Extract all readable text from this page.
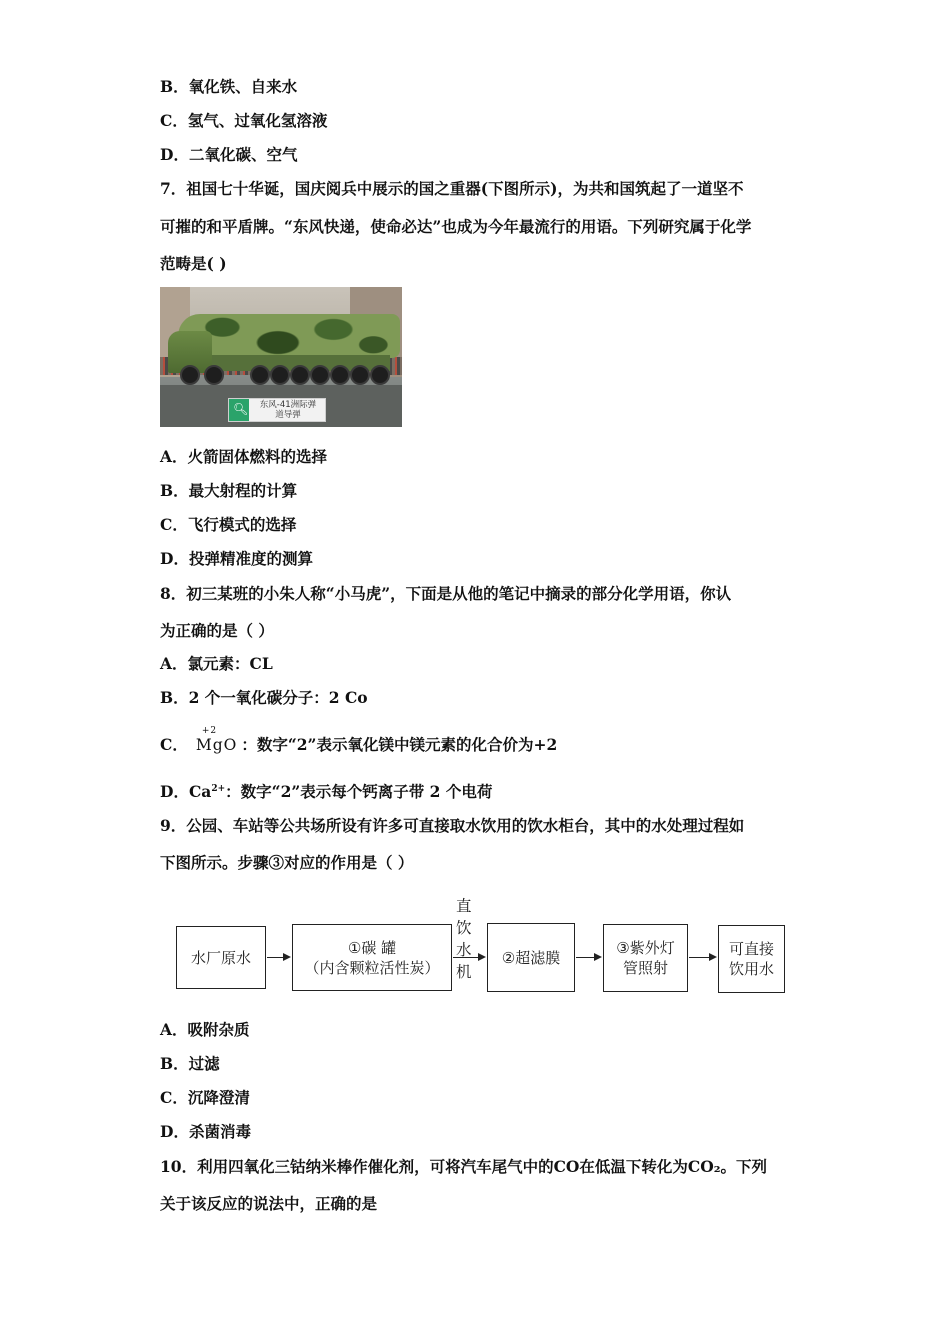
B．氧化铁、自来水
C．氢气、过氧化氢溶液
D．二氧化碳、空气
7．祖国七十华诞，国庆阅兵中展示的国之重器(下图所示)，为共和国筑起了一道坚不
可摧的和平盾牌。“东风快递，使命必达”也成为今年最流行的用语。下列研究属于化学
范畴是( )
🔍︎	东风-41洲际弹
道导弹
A．火箭固体燃料的选择
B．最大射程的计算
C．飞行模式的选择
D．投弹精准度的测算
8．初三某班的小朱人称“小马虎”，下面是从他的笔记中摘录的部分化学用语，你认
为正确的是（ ）
A．氯元素：CL
B．2 个一氧化碳分子：2 Co
C．
+2
MgO ：数字“2”表示氧化镁中镁元素的化合价为+2
D．$Ca^{2+}$：数字“2”表示每个钙离子带 2 个电荷
9．公园、车站等公共场所设有许多可直接取水饮用的饮水柜台，其中的水处理过程如
下图所示。步骤③对应的作用是（ ）
直饮水机
水厂原水
①碳 罐
（内含颗粒活性炭）
②超滤膜
③紫外灯
管照射
可直接
饮用水
A．吸附杂质
B．过滤
C．沉降澄清
D．杀菌消毒
10．利用四氧化三钴纳米棒作催化剂，可将汽车尾气中的CO在低温下转化为CO₂。下列
关于该反应的说法中，正确的是
